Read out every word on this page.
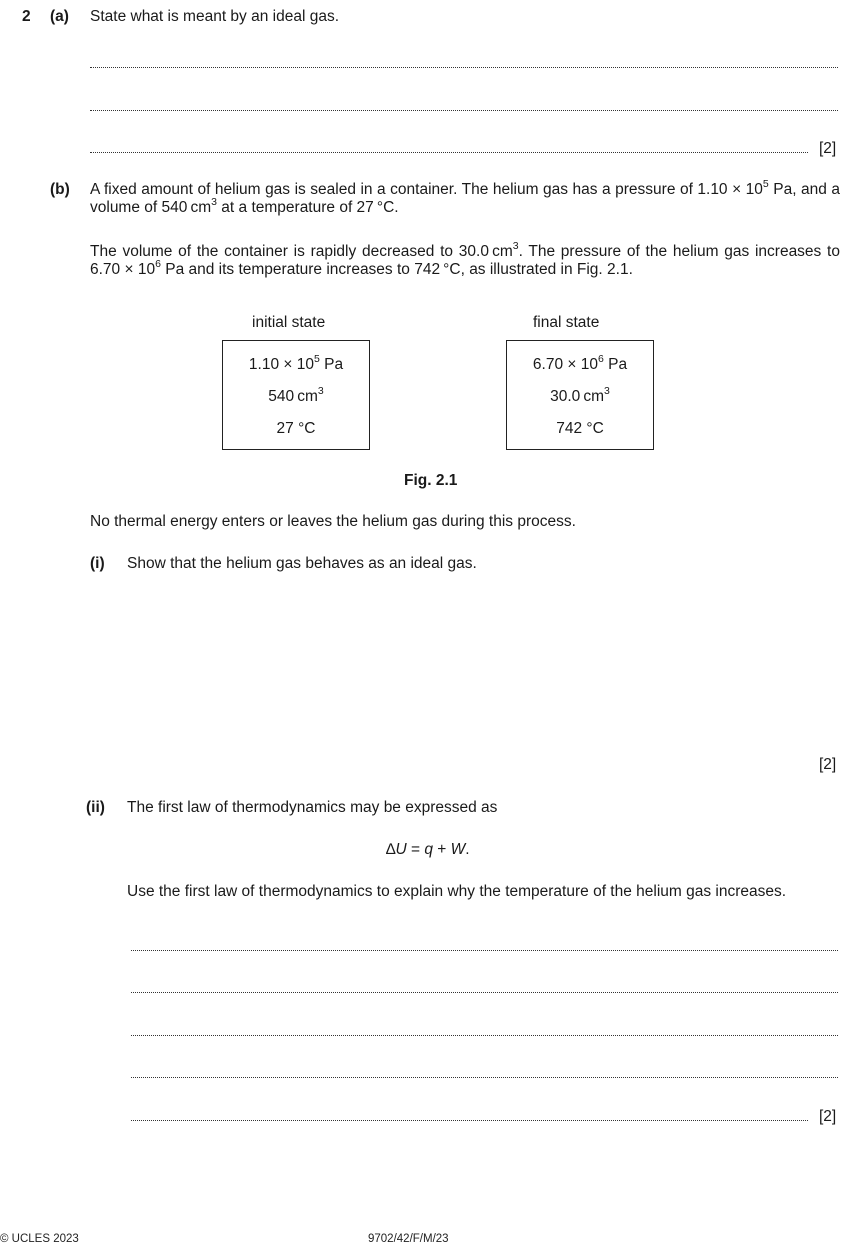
2 (a) State what is meant by an ideal gas.
[2]
(b) A fixed amount of helium gas is sealed in a container. The helium gas has a pressure of $1.10 \times 10^5$ Pa, and a volume of 540 $cm^3$ at a temperature of 27 °C.
The volume of the container is rapidly decreased to 30.0 $cm^3$. The pressure of the helium gas increases to $6.70 \times 10^6$ Pa and its temperature increases to 742 °C, as illustrated in Fig. 2.1.
initial state	final state
$1.10 \times 10^5$ Pa
540 $cm^3$
27 °C
$6.70 \times 10^6$ Pa
30.0 $cm^3$
742 °C
Fig. 2.1
No thermal energy enters or leaves the helium gas during this process.
(i) Show that the helium gas behaves as an ideal gas.
[2]
(ii) The first law of thermodynamics may be expressed as
∆U = q + W.
Use the first law of thermodynamics to explain why the temperature of the helium gas increases.
[2]
© UCLES 2023	9702/42/F/M/23
